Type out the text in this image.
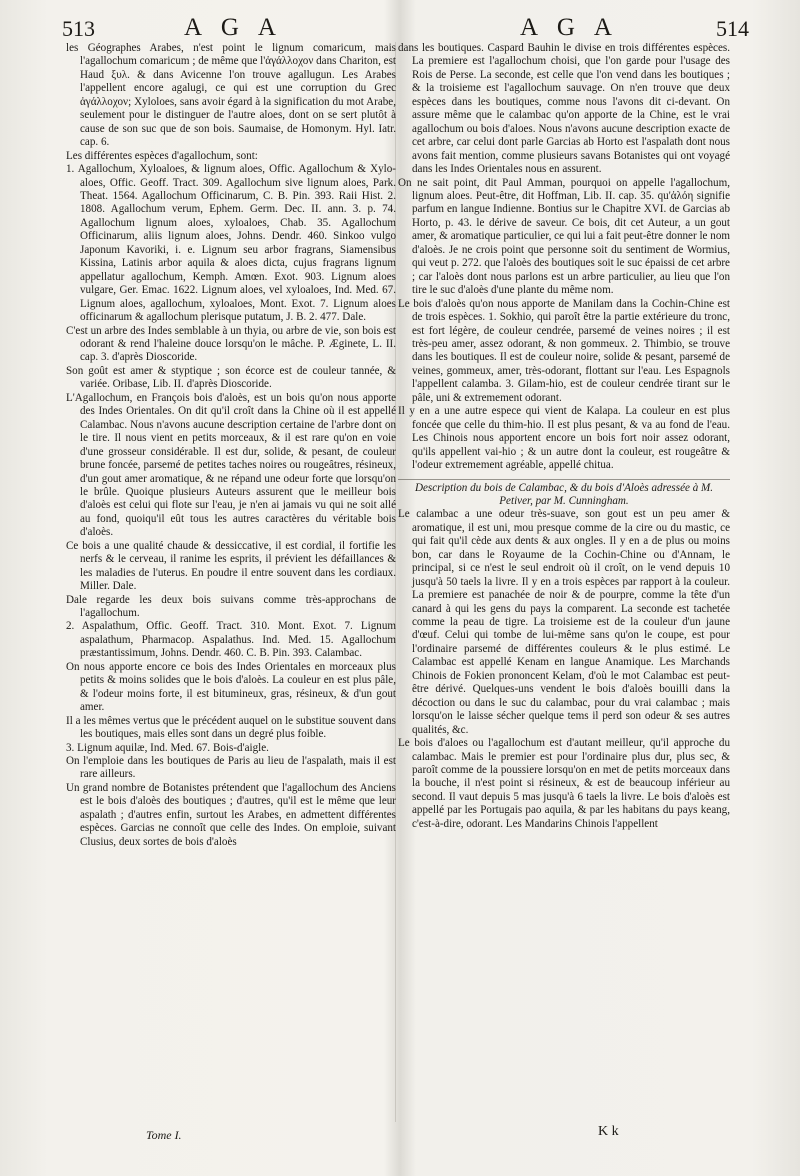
513	A G A	A G A	514

les Géographes Arabes, n'est point le lignum comaricum, mais l'agallochum comaricum ; de même que l'ἀγάλλοχον dans Chariton, est Haud ξυλ. & dans Avicenne l'on trouve agallugun. Les Arabes l'appellent encore agalugi, ce qui est une corruption du Grec ἀγάλλοχον; Xyloloes, sans avoir égard à la signification du mot Arabe, seulement pour le distinguer de l'autre aloes, dont on se sert plutôt à cause de son suc que de son bois. Saumaise, de Homonym. Hyl. Iatr. cap. 6.

Les différentes espèces d'agallochum, sont:

1. Agallochum, Xyloaloes, & lignum aloes, Offic. Agallochum & Xylo-aloes, Offic. Geoff. Tract. 309. Agallochum sive lignum aloes, Park. Theat. 1564. Agallochum Officinarum, C. B. Pin. 393. Raii Hist. 2. 1808. Agallochum verum, Ephem. Germ. Dec. II. ann. 3. p. 74. Agallochum lignum aloes, xyloaloes, Chab. 35. Agallochum Officinarum, aliis lignum aloes, Johns. Dendr. 460. Sinkoo vulgo Japonum Kavoriki, i. e. Lignum seu arbor fragrans, Siamensibus Kissina, Latinis arbor aquila & aloes dicta, cujus fragrans lignum appellatur agallochum, Kemph. Amœn. Exot. 903. Lignum aloes vulgare, Ger. Emac. 1622. Lignum aloes, vel xyloaloes, Ind. Med. 67. Lignum aloes, agallochum, xyloaloes, Mont. Exot. 7. Lignum aloes officinarum & agallochum plerisque putatum, J. B. 2. 477. Dale.

C'est un arbre des Indes semblable à un thyia, ou arbre de vie, son bois est odorant & rend l'haleine douce lorsqu'on le mâche. P. Æginete, L. II. cap. 3. d'après Dioscoride.

Son goût est amer & styptique ; son écorce est de couleur tannée, & variée. Oribase, Lib. II. d'après Dioscoride.

L'Agallochum, en François bois d'aloès, est un bois qu'on nous apporte des Indes Orientales. On dit qu'il croît dans la Chine où il est appellé Calambac. Nous n'avons aucune description certaine de l'arbre dont on le tire. Il nous vient en petits morceaux, & il est rare qu'on en voie d'une grosseur considérable. Il est dur, solide, & pesant, de couleur brune foncée, parsemé de petites taches noires ou rougeâtres, résineux, d'un gout amer aromatique, & ne répand une odeur forte que lorsqu'on le brûle. Quoique plusieurs Auteurs assurent que le meilleur bois d'aloès est celui qui flote sur l'eau, je n'en ai jamais vu qui ne soit allé au fond, quoiqu'il eût tous les autres caractères du véritable bois d'aloès.

Ce bois a une qualité chaude & dessiccative, il est cordial, il fortifie les nerfs & le cerveau, il ranime les esprits, il prévient les défaillances & les maladies de l'uterus. En poudre il entre souvent dans les cordiaux. Miller. Dale.

Dale regarde les deux bois suivans comme très-approchans de l'agallochum.

2. Aspalathum, Offic. Geoff. Tract. 310. Mont. Exot. 7. Lignum aspalathum, Pharmacop. Aspalathus. Ind. Med. 15. Agallochum præstantissimum, Johns. Dendr. 460. C. B. Pin. 393. Calambac.

On nous apporte encore ce bois des Indes Orientales en morceaux plus petits & moins solides que le bois d'aloès. La couleur en est plus pâle, & l'odeur moins forte, il est bitumineux, gras, résineux, & d'un gout amer.

Il a les mêmes vertus que le précédent auquel on le substitue souvent dans les boutiques, mais elles sont dans un degré plus foible.

3. Lignum aquilæ, Ind. Med. 67. Bois-d'aigle.

On l'emploie dans les boutiques de Paris au lieu de l'aspalath, mais il est rare ailleurs.

Un grand nombre de Botanistes prétendent que l'agallochum des Anciens est le bois d'aloès des boutiques ; d'autres, qu'il est le même que leur aspalath ; d'autres enfin, surtout les Arabes, en admettent différentes espèces. Garcias ne connoît que celle des Indes. On emploie, suivant Clusius, deux sortes de bois d'aloès

dans les boutiques. Caspard Bauhin le divise en trois différentes espèces. La premiere est l'agallochum choisi, que l'on garde pour l'usage des Rois de Perse. La seconde, est celle que l'on vend dans les boutiques ; & la troisieme est l'agallochum sauvage. On n'en trouve que deux espèces dans les boutiques, comme nous l'avons dit ci-devant. On assure même que le calambac qu'on apporte de la Chine, est le vrai agallochum ou bois d'aloes. Nous n'avons aucune description exacte de cet arbre, car celui dont parle Garcias ab Horto est l'aspalath dont nous avons fait mention, comme plusieurs savans Botanistes qui ont voyagé dans les Indes Orientales nous en assurent.

On ne sait point, dit Paul Amman, pourquoi on appelle l'agallochum, lignum aloes. Peut-être, dit Hoffman, Lib. II. cap. 35. qu'ἀλόη signifie parfum en langue Indienne. Bontius sur le Chapitre XVI. de Garcias ab Horto, p. 43. le dérive de saveur. Ce bois, dit cet Auteur, a un gout amer, & aromatique particulier, ce qui lui a fait peut-être donner le nom d'aloès. Je ne crois point que personne soit du sentiment de Wormius, qui veut p. 272. que l'aloès des boutiques soit le suc épaissi de cet arbre ; car l'aloès dont nous parlons est un arbre particulier, au lieu que l'on tire le suc d'aloès d'une plante du même nom.

Le bois d'aloès qu'on nous apporte de Manilam dans la Cochin-Chine est de trois espèces. 1. Sokhio, qui paroît être la partie extérieure du tronc, est fort légère, de couleur cendrée, parsemé de veines noires ; il est très-peu amer, assez odorant, & non gommeux. 2. Thimbio, se trouve dans les boutiques. Il est de couleur noire, solide & pesant, parsemé de veines, gommeux, amer, très-odorant, flottant sur l'eau. Les Espagnols l'appellent calamba. 3. Gilam-hio, est de couleur cendrée tirant sur le pâle, uni & extremement odorant.

Il y en a une autre espece qui vient de Kalapa. La couleur en est plus foncée que celle du thim-hio. Il est plus pesant, & va au fond de l'eau. Les Chinois nous apportent encore un bois fort noir assez odorant, qu'ils appellent vai-hio ; & un autre dont la couleur, est rougeâtre & l'odeur extremement agréable, appellé chitua.

Description du bois de Calambac, & du bois d'Aloès adressée à M. Petiver, par M. Cunningham.

Le calambac a une odeur très-suave, son gout est un peu amer & aromatique, il est uni, mou presque comme de la cire ou du mastic, ce qui fait qu'il cède aux dents & aux ongles. Il y en a de plus ou moins bon, car dans le Royaume de la Cochin-Chine ou d'Annam, le principal, si ce n'est le seul endroit où il croît, on le vend depuis 10 jusqu'à 50 taels la livre. Il y en a trois espèces par rapport à la couleur. La premiere est panachée de noir & de pourpre, comme la tête d'un canard à qui les gens du pays la comparent. La seconde est tachetée comme la peau de tigre. La troisieme est de la couleur d'un jaune d'œuf. Celui qui tombe de lui-même sans qu'on le coupe, est pour l'ordinaire parsemé de différentes couleurs & le plus estimé. Le Calambac est appellé Kenam en langue Anamique. Les Marchands Chinois de Fokien prononcent Kelam, d'où le mot Calambac est peut-être dérivé. Quelques-uns vendent le bois d'aloès bouilli dans la décoction ou dans le suc du calambac, pour du vrai calambac ; mais lorsqu'on le laisse sécher quelque tems il perd son odeur & ses autres qualités, &c.

Le bois d'aloes ou l'agallochum est d'autant meilleur, qu'il approche du calambac. Mais le premier est pour l'ordinaire plus dur, plus sec, & paroît comme de la poussiere lorsqu'on en met de petits morceaux dans la bouche, il n'est point si résineux, & est de beaucoup inférieur au second. Il vaut depuis 5 mas jusqu'à 6 taels la livre. Le bois d'aloès est appellé par les Portugais pao aquila, & par les habitans du pays keang, c'est-à-dire, odorant. Les Mandarins Chinois l'appellent

Tome I.	K k
